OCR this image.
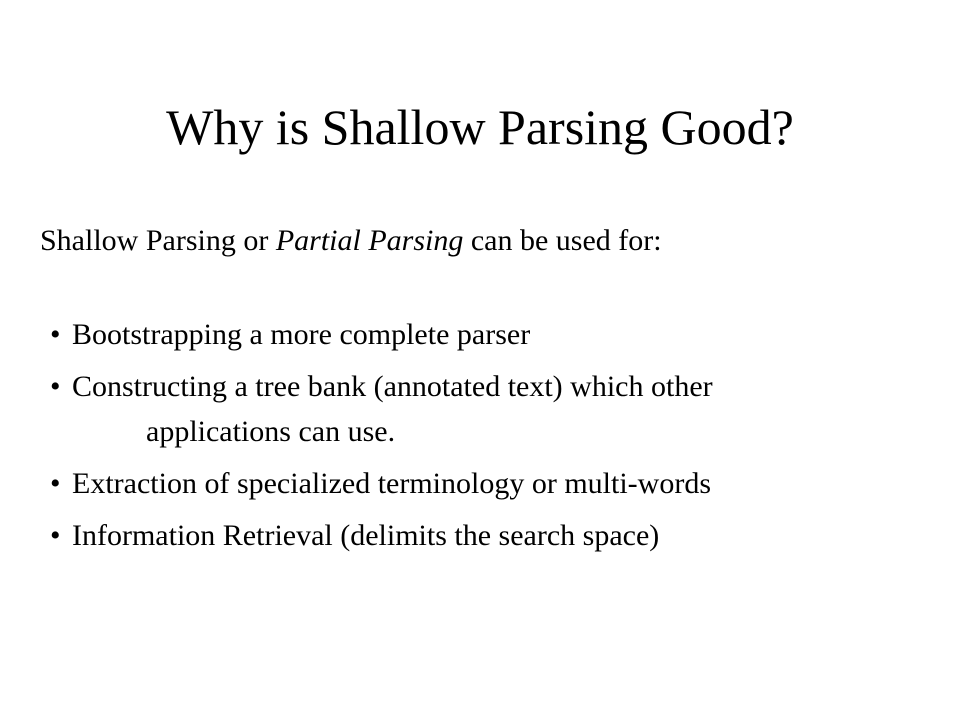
Why is Shallow Parsing Good?
Shallow Parsing or Partial Parsing can be used for:
• Bootstrapping a more complete parser
• Constructing a tree bank (annotated text) which other
applications can use.
• Extraction of specialized terminology or multi-words
• Information Retrieval (delimits the search space)
